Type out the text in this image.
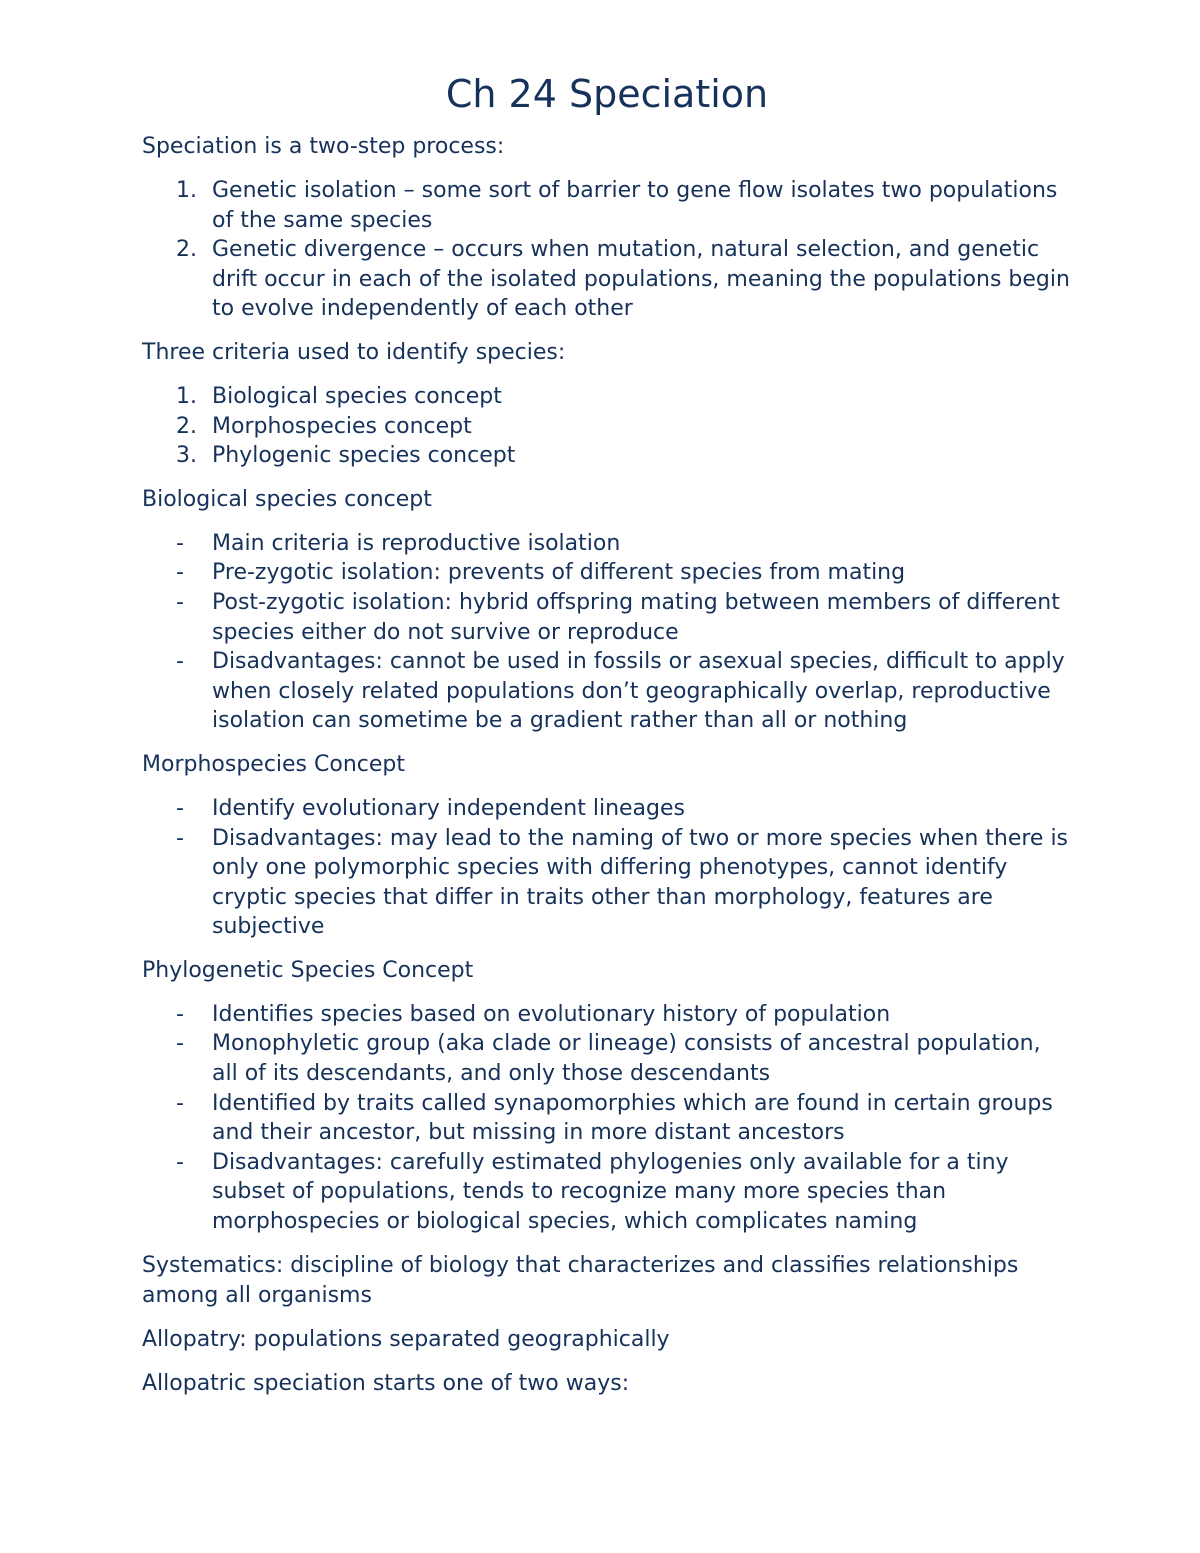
Ch 24 Speciation

Speciation is a two-step process:

1. Genetic isolation – some sort of barrier to gene flow isolates two populations of the same species
2. Genetic divergence – occurs when mutation, natural selection, and genetic drift occur in each of the isolated populations, meaning the populations begin to evolve independently of each other

Three criteria used to identify species:

1. Biological species concept
2. Morphospecies concept
3. Phylogenic species concept

Biological species concept

- Main criteria is reproductive isolation
- Pre-zygotic isolation: prevents of different species from mating
- Post-zygotic isolation: hybrid offspring mating between members of different species either do not survive or reproduce
- Disadvantages: cannot be used in fossils or asexual species, difficult to apply when closely related populations don’t geographically overlap, reproductive isolation can sometime be a gradient rather than all or nothing

Morphospecies Concept

- Identify evolutionary independent lineages
- Disadvantages: may lead to the naming of two or more species when there is only one polymorphic species with differing phenotypes, cannot identify cryptic species that differ in traits other than morphology, features are subjective

Phylogenetic Species Concept

- Identifies species based on evolutionary history of population
- Monophyletic group (aka clade or lineage) consists of ancestral population, all of its descendants, and only those descendants
- Identified by traits called synapomorphies which are found in certain groups and their ancestor, but missing in more distant ancestors
- Disadvantages: carefully estimated phylogenies only available for a tiny subset of populations, tends to recognize many more species than morphospecies or biological species, which complicates naming

Systematics: discipline of biology that characterizes and classifies relationships among all organisms

Allopatry: populations separated geographically

Allopatric speciation starts one of two ways:
